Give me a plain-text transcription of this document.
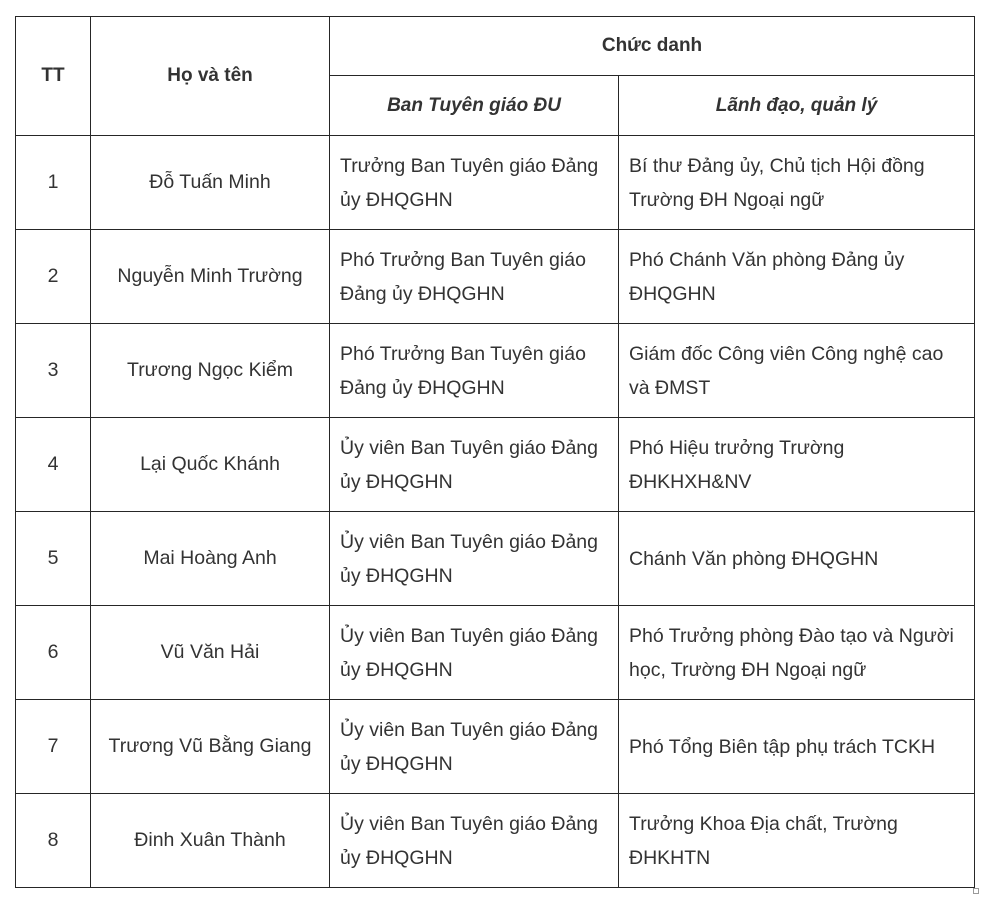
TT	Họ và tên	Chức danh	
		Ban Tuyên giáo ĐU	Lãnh đạo, quản lý
1	Đỗ Tuấn Minh	Trưởng Ban Tuyên giáo Đảng ủy ĐHQGHN	Bí thư Đảng ủy, Chủ tịch Hội đồng Trường ĐH Ngoại ngữ
2	Nguyễn Minh Trường	Phó Trưởng Ban Tuyên giáo Đảng ủy ĐHQGHN	Phó Chánh Văn phòng Đảng ủy ĐHQGHN
3	Trương Ngọc Kiểm	Phó Trưởng Ban Tuyên giáo Đảng ủy ĐHQGHN	Giám đốc Công viên Công nghệ cao và ĐMST
4	Lại Quốc Khánh	Ủy viên Ban Tuyên giáo Đảng ủy ĐHQGHN	Phó Hiệu trưởng Trường ĐHKHXH&NV
5	Mai Hoàng Anh	Ủy viên Ban Tuyên giáo Đảng ủy ĐHQGHN	Chánh Văn phòng ĐHQGHN
6	Vũ Văn Hải	Ủy viên Ban Tuyên giáo Đảng ủy ĐHQGHN	Phó Trưởng phòng Đào tạo và Người học, Trường ĐH Ngoại ngữ
7	Trương Vũ Bằng Giang	Ủy viên Ban Tuyên giáo Đảng ủy ĐHQGHN	Phó Tổng Biên tập phụ trách TCKH
8	Đinh Xuân Thành	Ủy viên Ban Tuyên giáo Đảng ủy ĐHQGHN	Trưởng Khoa Địa chất, Trường ĐHKHTN
